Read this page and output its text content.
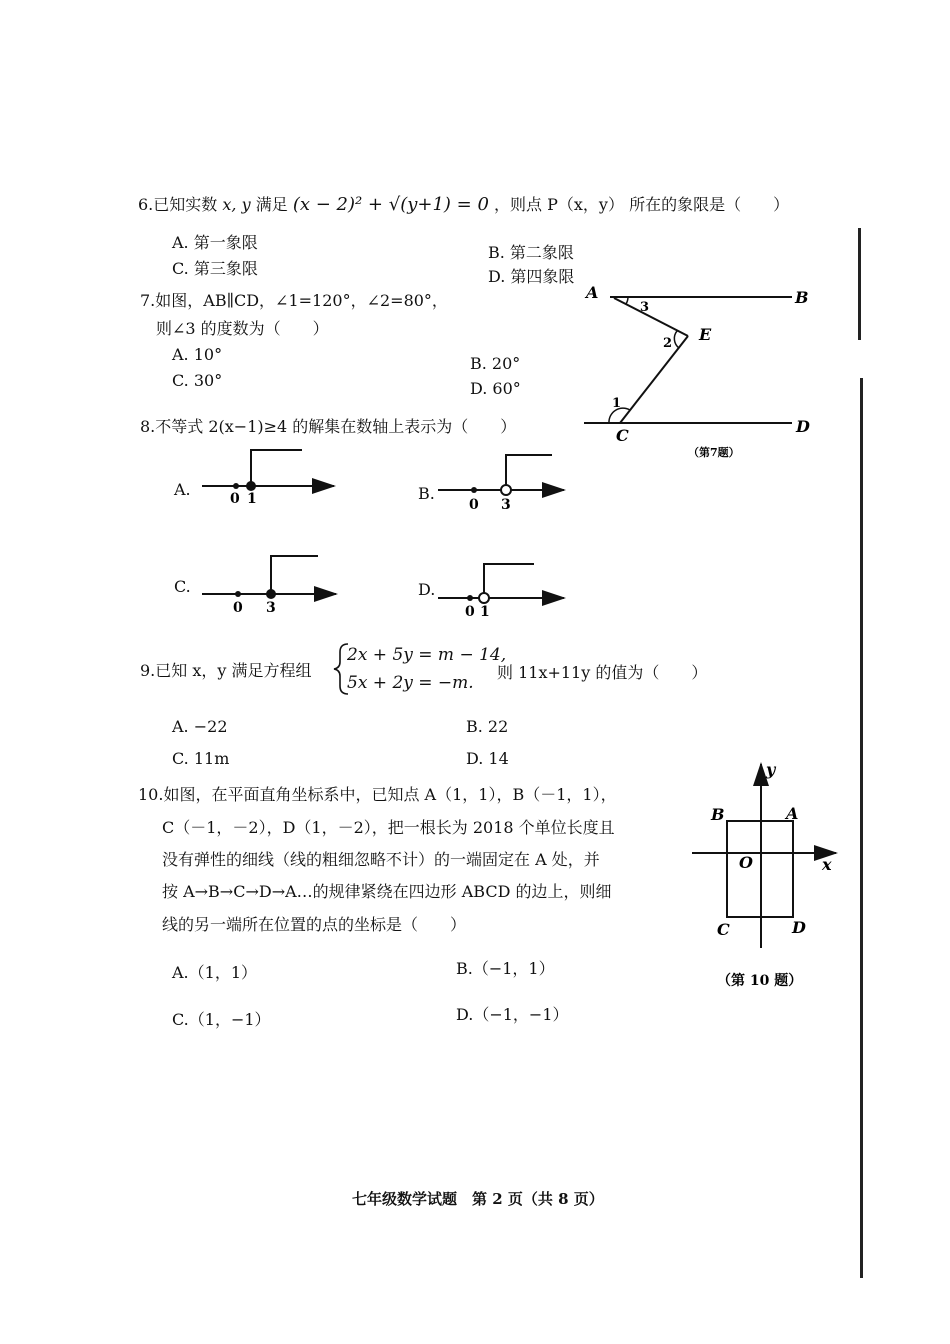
6.已知实数 x, y 满足 (x − 2)² + √(y+1) = 0 ，则点 P（x，y） 所在的象限是（　　）
A. 第一象限
C. 第三象限
B. 第二象限
D. 第四象限
7.如图，AB∥CD，∠1=120°，∠2=80°，
则∠3 的度数为（　　）
A. 10°
C. 30°
B. 20°
D. 60°
A	B
C	D
E
1
2
3
（第7题）
8.不等式 2(x−1)≥4 的解集在数轴上表示为（　　）
A.	B.
C.	D.
0 1	0 3
0 3	0 1
9.已知 x，y 满足方程组
2x + 5y = m − 14,
5x + 2y = −m.
则 11x+11y 的值为（　　）
A. −22
C. 11m
B. 22
D. 14
10.如图，在平面直角坐标系中，已知点 A（1，1），B（－1，1），
C（－1，－2），D（1，－2），把一根长为 2018 个单位长度且
没有弹性的细线（线的粗细忽略不计）的一端固定在 A 处，并
按 A→B→C→D→A…的规律紧绕在四边形 ABCD 的边上，则细
线的另一端所在位置的点的坐标是（　　）
A.（1，1）
C.（1，−1）
B.（−1，1）
D.（−1，−1）
y
x
O
B	A
C	D
（第 10 题）
七年级数学试题　第 2 页（共 8 页）
